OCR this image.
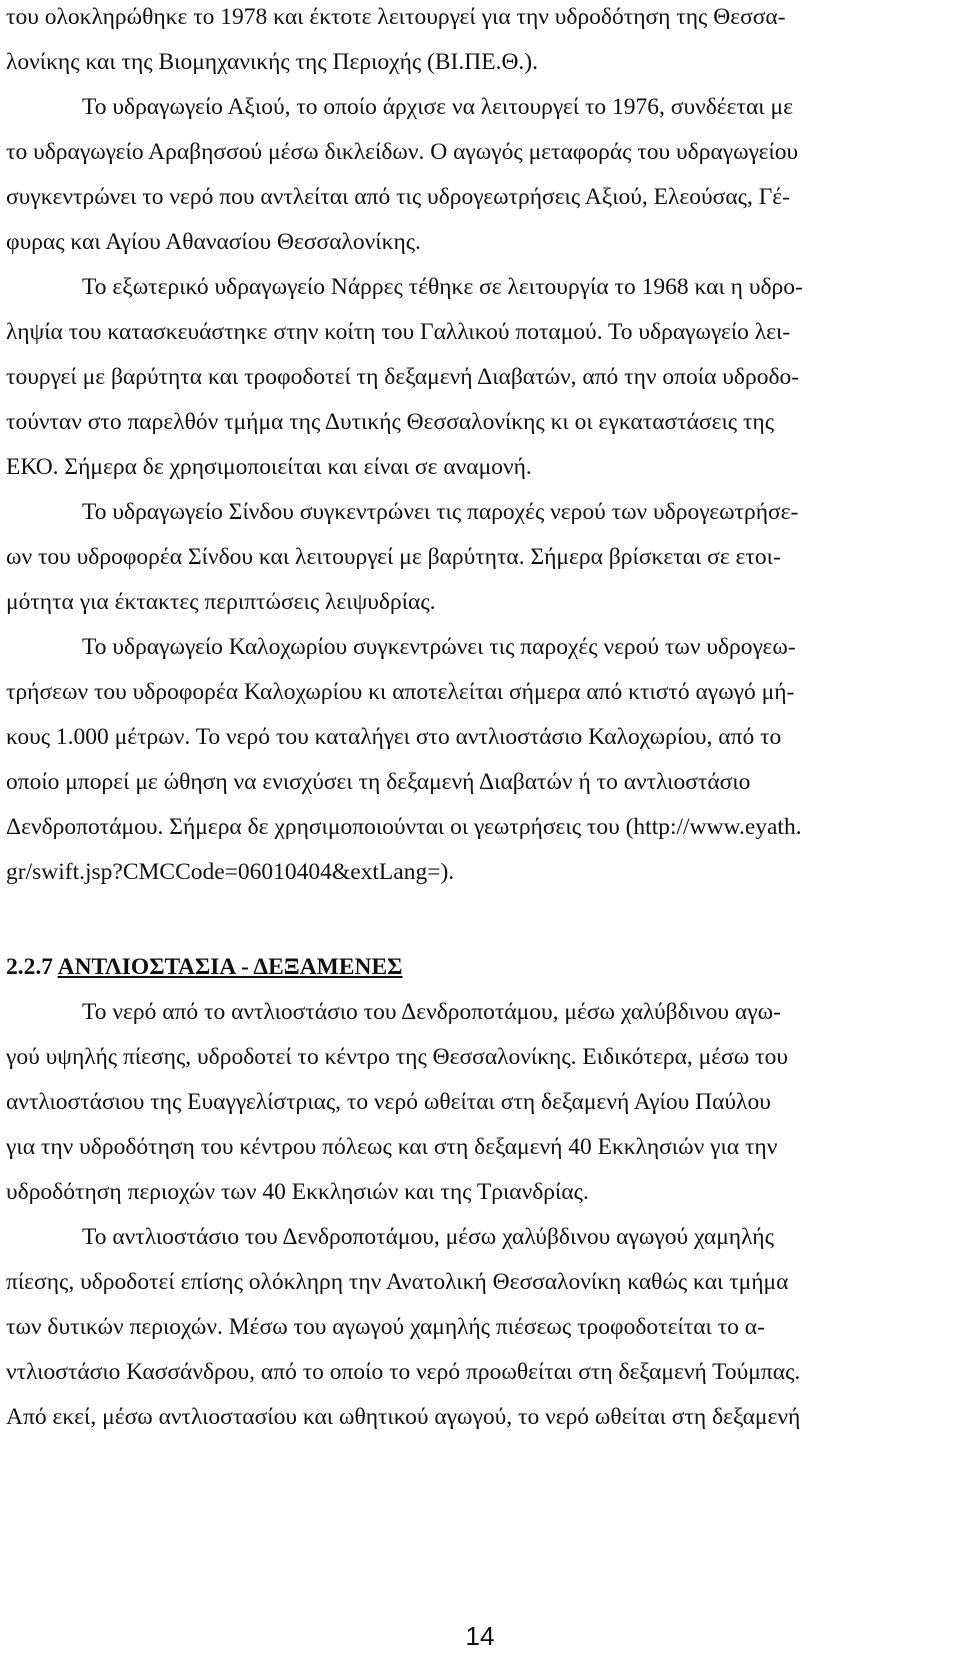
του ολοκληρώθηκε το 1978 και έκτοτε λειτουργεί για την υδροδότηση της Θεσσα-
λονίκης και της Βιομηχανικής της Περιοχής (ΒΙ.ΠΕ.Θ.).
Το υδραγωγείο Αξιού, το οποίο άρχισε να λειτουργεί το 1976, συνδέεται με
το υδραγωγείο Αραβησσού μέσω δικλείδων. Ο αγωγός μεταφοράς του υδραγωγείου
συγκεντρώνει το νερό που αντλείται από τις υδρογεωτρήσεις Αξιού, Ελεούσας, Γέ-
φυρας και Αγίου Αθανασίου Θεσσαλονίκης.
Το εξωτερικό υδραγωγείο Νάρρες τέθηκε σε λειτουργία το 1968 και η υδρο-
ληψία του κατασκευάστηκε στην κοίτη του Γαλλικού ποταμού. Το υδραγωγείο λει-
τουργεί με βαρύτητα και τροφοδοτεί τη δεξαμενή Διαβατών, από την οποία υδροδο-
τούνταν στο παρελθόν τμήμα της Δυτικής Θεσσαλονίκης κι οι εγκαταστάσεις της
ΕΚΟ. Σήμερα δε χρησιμοποιείται και είναι σε αναμονή.
Το υδραγωγείο Σίνδου συγκεντρώνει τις παροχές νερού των υδρογεωτρήσε-
ων του υδροφορέα Σίνδου και λειτουργεί με βαρύτητα. Σήμερα βρίσκεται σε ετοι-
μότητα για έκτακτες περιπτώσεις λειψυδρίας.
Το υδραγωγείο Καλοχωρίου συγκεντρώνει τις παροχές νερού των υδρογεω-
τρήσεων του υδροφορέα Καλοχωρίου κι αποτελείται σήμερα από κτιστό αγωγό μή-
κους 1.000 μέτρων. Το νερό του καταλήγει στο αντλιοστάσιο Καλοχωρίου, από το
οποίο μπορεί με ώθηση να ενισχύσει τη δεξαμενή Διαβατών ή το αντλιοστάσιο
Δενδροποτάμου. Σήμερα δε χρησιμοποιούνται οι γεωτρήσεις του (http://www.eyath.
gr/swift.jsp?CMCCode=06010404&extLang=).
2.2.7 ΑΝΤΛΙΟΣΤΑΣΙΑ - ΔΕΞΑΜΕΝΕΣ
Το νερό από το αντλιοστάσιο του Δενδροποτάμου, μέσω χαλύβδινου αγω-
γού υψηλής πίεσης, υδροδοτεί το κέντρο της Θεσσαλονίκης. Ειδικότερα, μέσω του
αντλιοστάσιου της Ευαγγελίστριας, το νερό ωθείται στη δεξαμενή Αγίου Παύλου
για την υδροδότηση του κέντρου πόλεως και στη δεξαμενή 40 Εκκλησιών για την
υδροδότηση περιοχών των 40 Εκκλησιών και της Τριανδρίας.
Το αντλιοστάσιο του Δενδροποτάμου, μέσω χαλύβδινου αγωγού χαμηλής
πίεσης, υδροδοτεί επίσης ολόκληρη την Ανατολική Θεσσαλονίκη καθώς και τμήμα
των δυτικών περιοχών. Μέσω του αγωγού χαμηλής πιέσεως τροφοδοτείται το α-
ντλιοστάσιο Κασσάνδρου, από το οποίο το νερό προωθείται στη δεξαμενή Τούμπας.
Από εκεί, μέσω αντλιοστασίου και ωθητικού αγωγού, το νερό ωθείται στη δεξαμενή
14
